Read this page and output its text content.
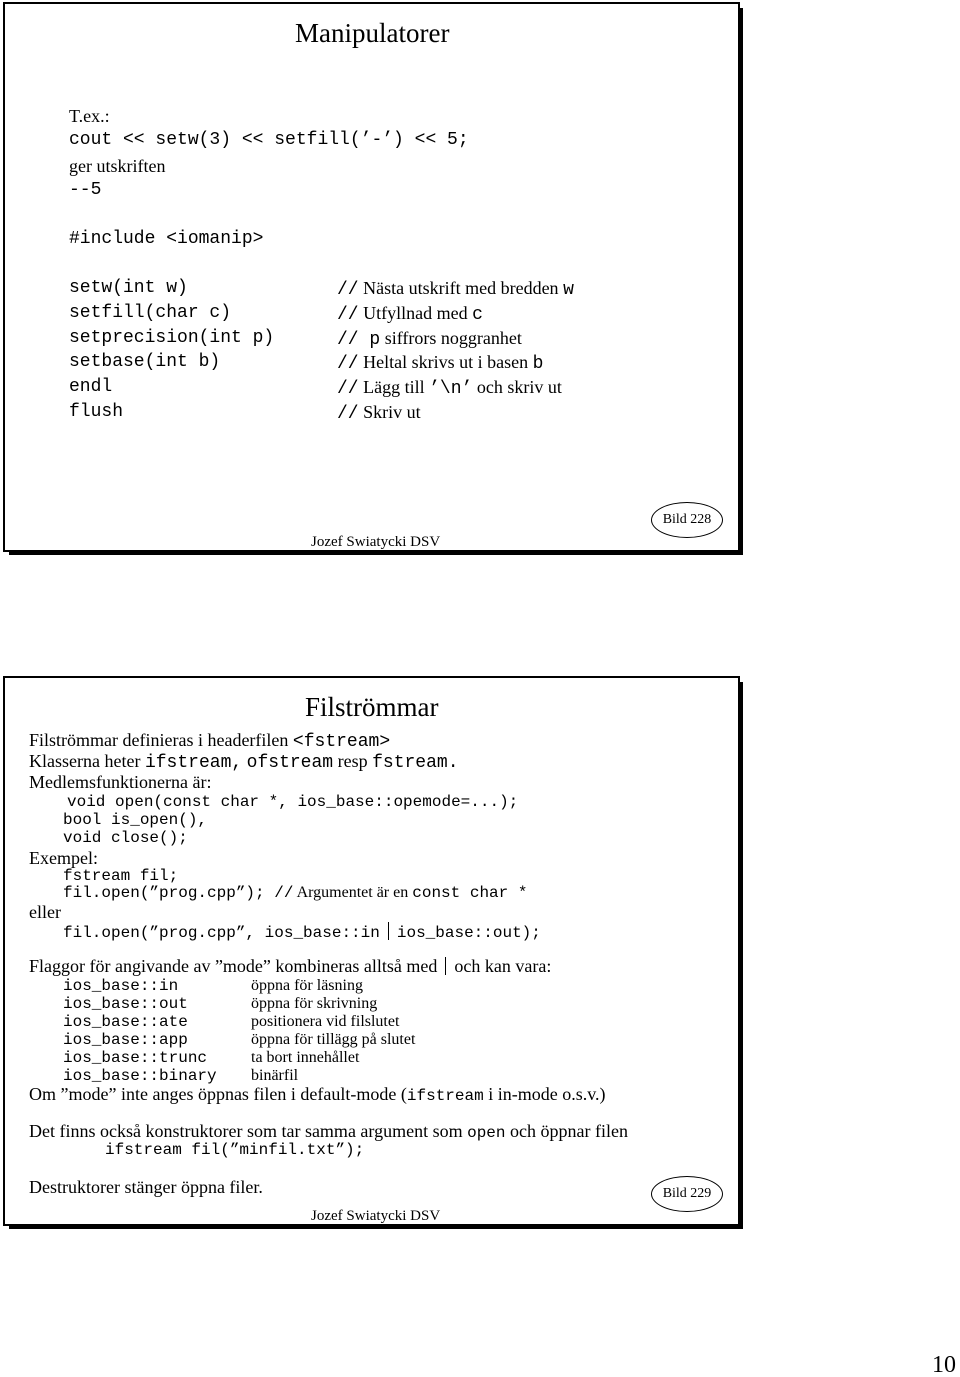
Manipulatorer
T.ex.:
cout << setw(3) << setfill(’-’) << 5;
ger utskriften
--5
#include <iomanip>
setw(int w)	// Nästa utskrift med bredden w
setfill(char c)	// Utfyllnad med c
setprecision(int p)	// p siffrors noggranhet
setbase(int b)	// Heltal skrivs ut i basen b
endl	// Lägg till ’\n’ och skriv ut
flush	// Skriv ut
Jozef Swiatycki DSV
Bild 228
Filströmmar
Filströmmar definieras i headerfilen <fstream>
Klasserna heter ifstream, ofstream resp fstream.
Medlemsfunktionerna är:
void open(const char *, ios_base::opemode=...);
bool is_open(),
void close();
Exempel:
fstream fil;
fil.open(”prog.cpp”); // Argumentet är en const char *
eller
fil.open(”prog.cpp”, ios_base::in ios_base::out);
Flaggor för angivande av ”mode” kombineras alltså med och kan vara:
ios_base::in	öppna för läsning
ios_base::out	öppna för skrivning
ios_base::ate	positionera vid filslutet
ios_base::app	öppna för tillägg på slutet
ios_base::trunc	ta bort innehållet
ios_base::binary binärfil
Om ”mode” inte anges öppnas filen i default-mode (ifstream i in-mode o.s.v.)
Det finns också konstruktorer som tar samma argument som open och öppnar filen
ifstream fil(”minfil.txt”);
Destruktorer stänger öppna filer.
Jozef Swiatycki DSV
Bild 229
10
